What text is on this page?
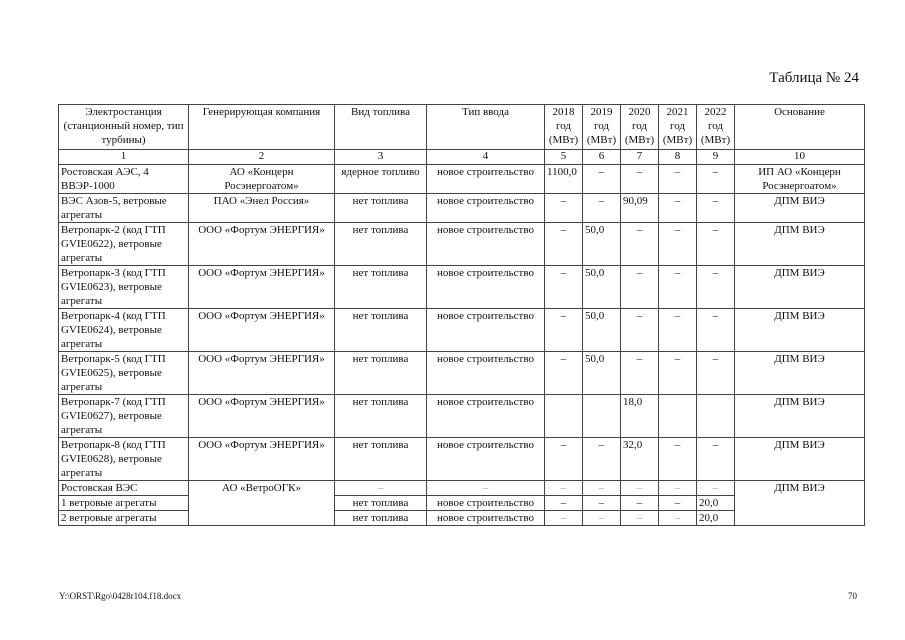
Таблица № 24
Электростанция (станционный номер, тип турбины)	Генерирующая компания	Вид топлива	Тип ввода	2018 год (МВт)	2019 год (МВт)	2020 год (МВт)	2021 год (МВт)	2022 год (МВт)	Основание
1	2	3	4	5	6	7	8	9	10
Ростовская АЭС, 4 ВВЭР-1000	АО «Концерн Росэнергоатом»	ядерное топливо	новое строительство	1100,0	–	–	–	–	ИП АО «Концерн Росэнергоатом»
ВЭС Азов-5, ветровые агрегаты	ПАО «Энел Россия»	нет топлива	новое строительство	–	–	90,09	–	–	ДПМ ВИЭ
Ветропарк-2 (код ГТП GVIE0622), ветровые агрегаты	ООО «Фортум ЭНЕРГИЯ»	нет топлива	новое строительство	–	50,0	–	–	–	ДПМ ВИЭ
Ветропарк-3 (код ГТП GVIE0623), ветровые агрегаты	ООО «Фортум ЭНЕРГИЯ»	нет топлива	новое строительство	–	50,0	–	–	–	ДПМ ВИЭ
Ветропарк-4 (код ГТП GVIE0624), ветровые агрегаты	ООО «Фортум ЭНЕРГИЯ»	нет топлива	новое строительство	–	50,0	–	–	–	ДПМ ВИЭ
Ветропарк-5 (код ГТП GVIE0625), ветровые агрегаты	ООО «Фортум ЭНЕРГИЯ»	нет топлива	новое строительство	–	50,0	–	–	–	ДПМ ВИЭ
Ветропарк-7 (код ГТП GVIE0627), ветровые агрегаты	ООО «Фортум ЭНЕРГИЯ»	нет топлива	новое строительство			18,0			ДПМ ВИЭ
Ветропарк-8 (код ГТП GVIE0628), ветровые агрегаты	ООО «Фортум ЭНЕРГИЯ»	нет топлива	новое строительство	–	–	32,0	–	–	ДПМ ВИЭ
Ростовская ВЭС	АО «ВетроОГК»	–	–	–	–	–	–	–	ДПМ ВИЭ
1 ветровые агрегаты		нет топлива	новое строительство	–	–	–	–	20,0	
2 ветровые агрегаты		нет топлива	новое строительство	–	–	–	–	20,0	
Y:\ORST\Rgo\0428r104.f18.docx	70
